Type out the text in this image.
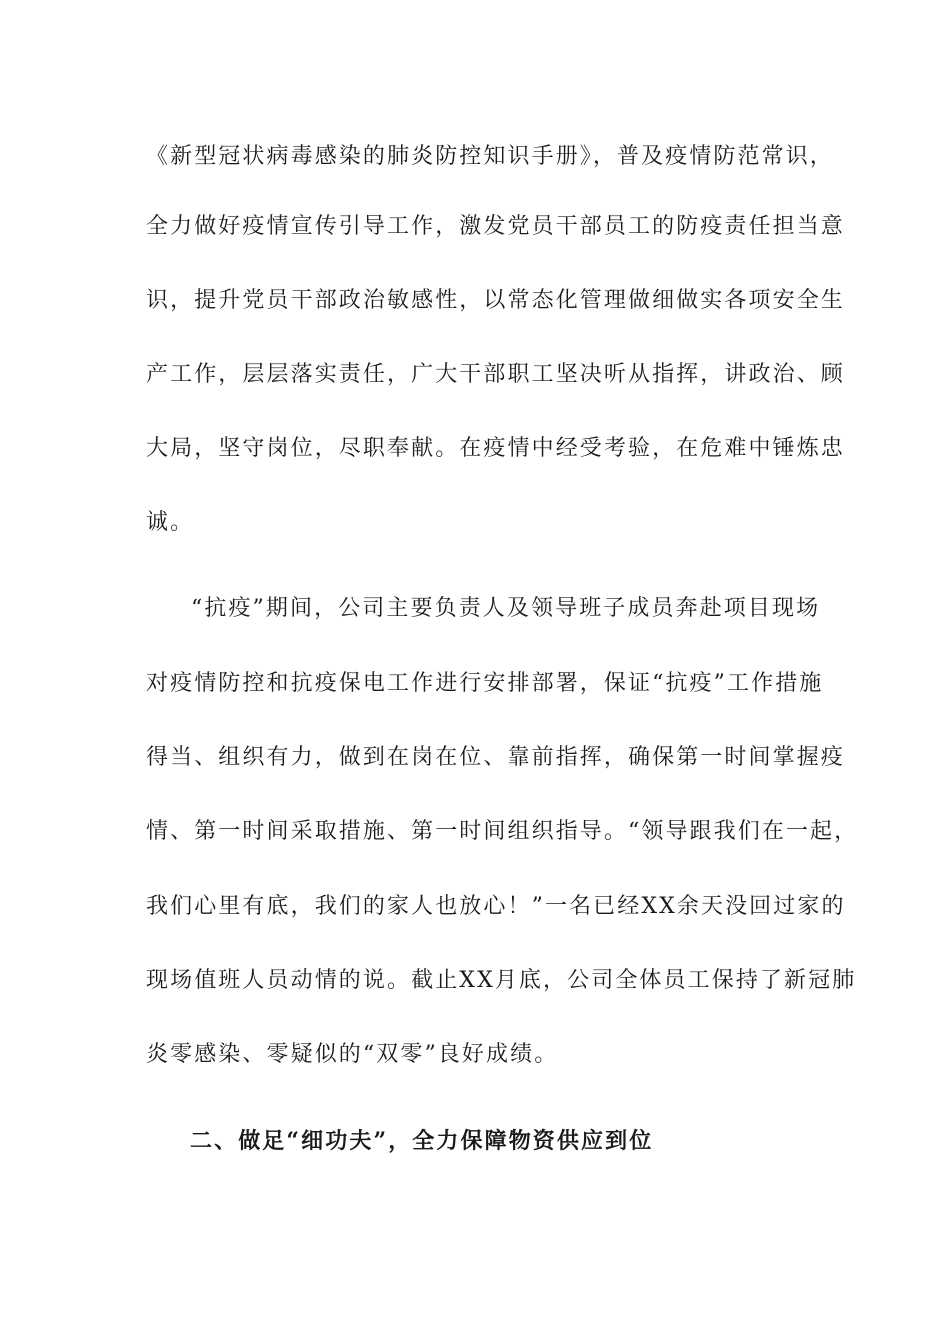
《新型冠状病毒感染的肺炎防控知识手册》，普及疫情防范常识，
全力做好疫情宣传引导工作，激发党员干部员工的防疫责任担当意
识，提升党员干部政治敏感性，以常态化管理做细做实各项安全生
产工作，层层落实责任，广大干部职工坚决听从指挥，讲政治、顾
大局，坚守岗位，尽职奉献。在疫情中经受考验，在危难中锤炼忠
诚。
“抗疫”期间，公司主要负责人及领导班子成员奔赴项目现场
对疫情防控和抗疫保电工作进行安排部署，保证“抗疫”工作措施
得当、组织有力，做到在岗在位、靠前指挥，确保第一时间掌握疫
情、第一时间采取措施、第一时间组织指导。“领导跟我们在一起，
我们心里有底，我们的家人也放心！”一名已经XX余天没回过家的
现场值班人员动情的说。截止XX月底，公司全体员工保持了新冠肺
炎零感染、零疑似的“双零”良好成绩。
二、做足“细功夫”，全力保障物资供应到位
